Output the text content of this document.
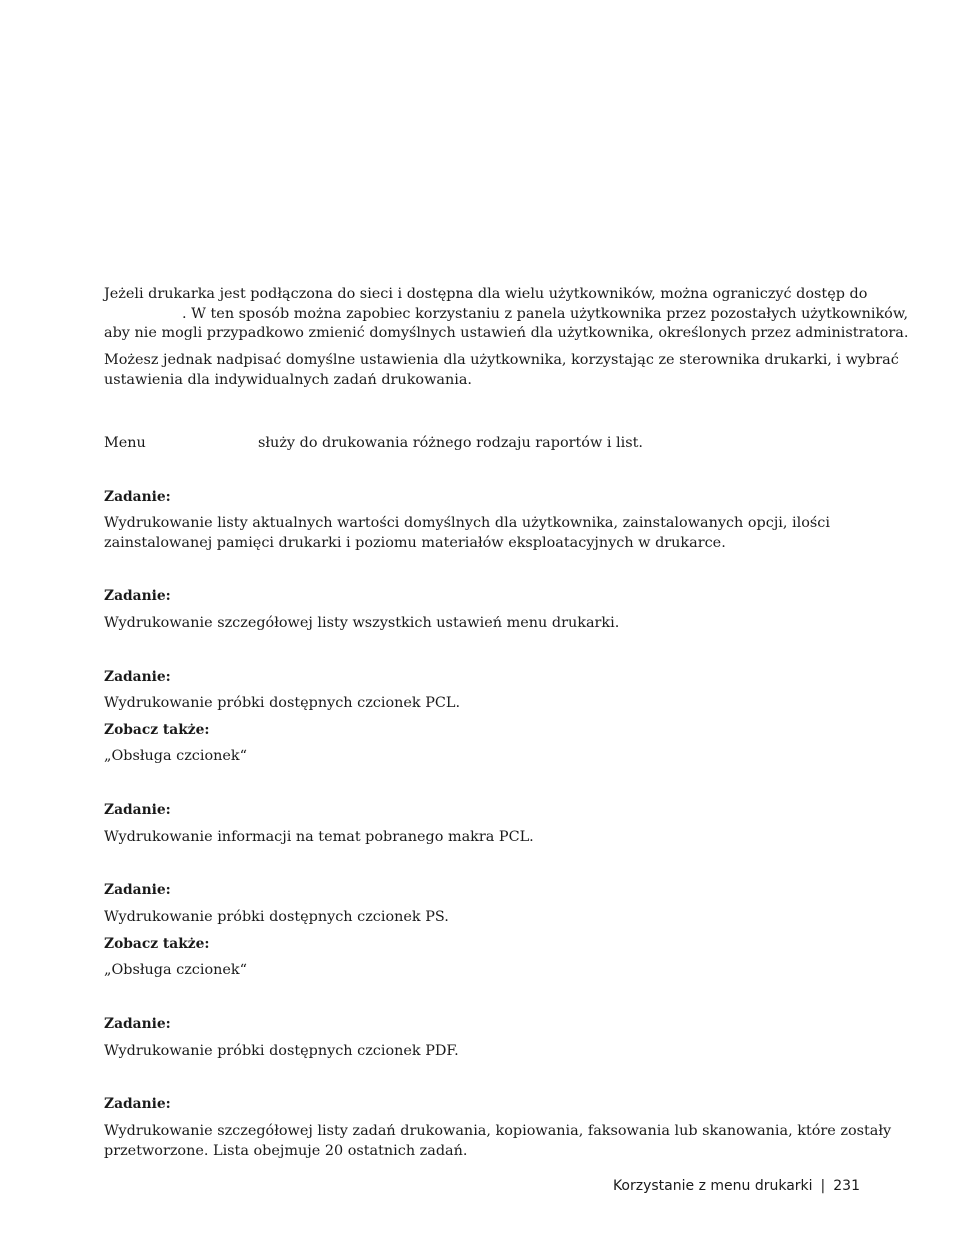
Jeżeli drukarka jest podłączona do sieci i dostępna dla wielu użytkowników, można ograniczyć dostęp do
. W ten sposób można zapobiec korzystaniu z panela użytkownika przez pozostałych użytkowników,
aby nie mogli przypadkowo zmienić domyślnych ustawień dla użytkownika, określonych przez administratora.
Możesz jednak nadpisać domyślne ustawienia dla użytkownika, korzystając ze sterownika drukarki, i wybrać
ustawienia dla indywidualnych zadań drukowania.
Menu	służy do drukowania różnego rodzaju raportów i list.
Zadanie:
Wydrukowanie listy aktualnych wartości domyślnych dla użytkownika, zainstalowanych opcji, ilości
zainstalowanej pamięci drukarki i poziomu materiałów eksploatacyjnych w drukarce.
Zadanie:
Wydrukowanie szczegółowej listy wszystkich ustawień menu drukarki.
Zadanie:
Wydrukowanie próbki dostępnych czcionek PCL.
Zobacz także:
„Obsługa czcionek“
Zadanie:
Wydrukowanie informacji na temat pobranego makra PCL.
Zadanie:
Wydrukowanie próbki dostępnych czcionek PS.
Zobacz także:
„Obsługa czcionek“
Zadanie:
Wydrukowanie próbki dostępnych czcionek PDF.
Zadanie:
Wydrukowanie szczegółowej listy zadań drukowania, kopiowania, faksowania lub skanowania, które zostały
przetworzone. Lista obejmuje 20 ostatnich zadań.
Korzystanie z menu drukarki | 231
